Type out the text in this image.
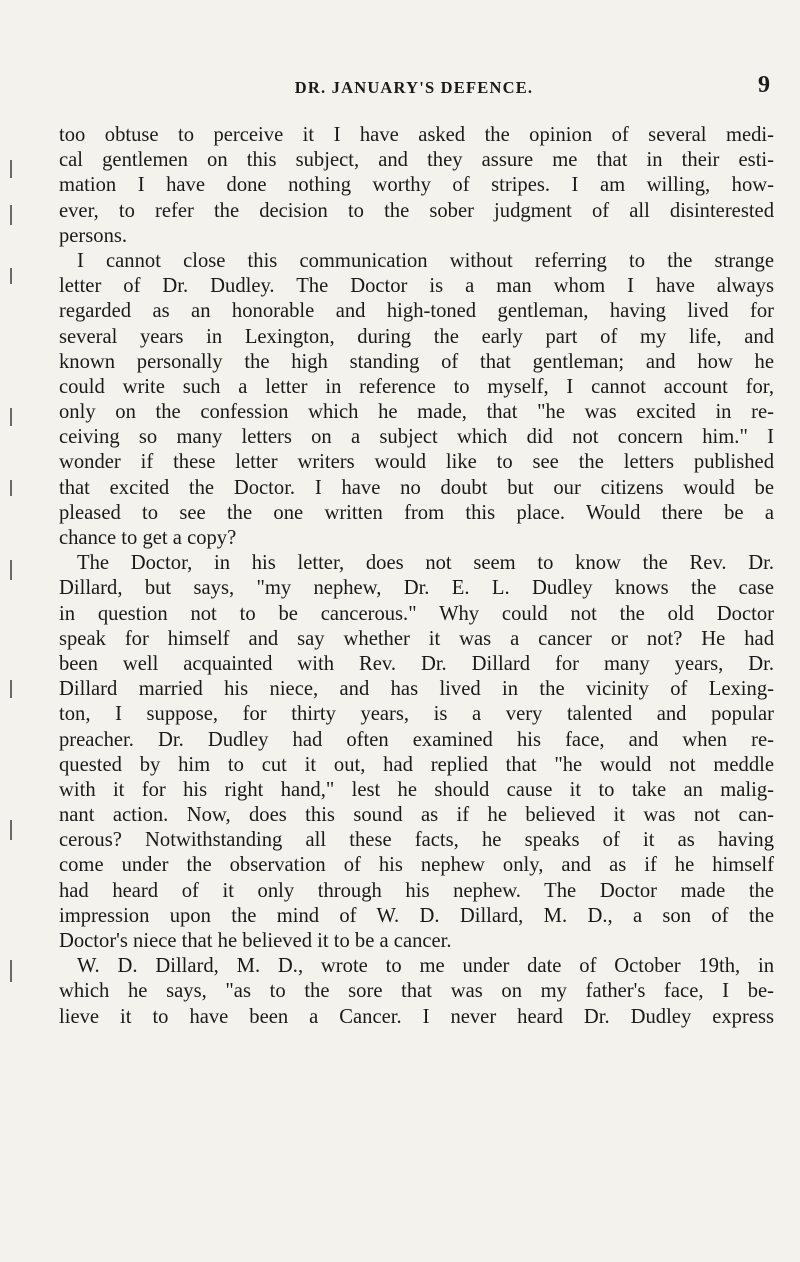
DR. JANUARY'S DEFENCE.	9
too obtuse to perceive it I have asked the opinion of several medi-
cal gentlemen on this subject, and they assure me that in their esti-
mation I have done nothing worthy of stripes. I am willing, how-
ever, to refer the decision to the sober judgment of all disinterested
persons.
I cannot close this communication without referring to the strange
letter of Dr. Dudley. The Doctor is a man whom I have always
regarded as an honorable and high-toned gentleman, having lived for
several years in Lexington, during the early part of my life, and
known personally the high standing of that gentleman; and how he
could write such a letter in reference to myself, I cannot account for,
only on the confession which he made, that "he was excited in re-
ceiving so many letters on a subject which did not concern him." I
wonder if these letter writers would like to see the letters published
that excited the Doctor. I have no doubt but our citizens would be
pleased to see the one written from this place. Would there be a
chance to get a copy?
The Doctor, in his letter, does not seem to know the Rev. Dr.
Dillard, but says, "my nephew, Dr. E. L. Dudley knows the case
in question not to be cancerous." Why could not the old Doctor
speak for himself and say whether it was a cancer or not? He had
been well acquainted with Rev. Dr. Dillard for many years, Dr.
Dillard married his niece, and has lived in the vicinity of Lexing-
ton, I suppose, for thirty years, is a very talented and popular
preacher. Dr. Dudley had often examined his face, and when re-
quested by him to cut it out, had replied that "he would not meddle
with it for his right hand," lest he should cause it to take an malig-
nant action. Now, does this sound as if he believed it was not can-
cerous? Notwithstanding all these facts, he speaks of it as having
come under the observation of his nephew only, and as if he himself
had heard of it only through his nephew. The Doctor made the
impression upon the mind of W. D. Dillard, M. D., a son of the
Doctor's niece that he believed it to be a cancer.
W. D. Dillard, M. D., wrote to me under date of October 19th, in
which he says, "as to the sore that was on my father's face, I be-
lieve it to have been a Cancer. I never heard Dr. Dudley express
